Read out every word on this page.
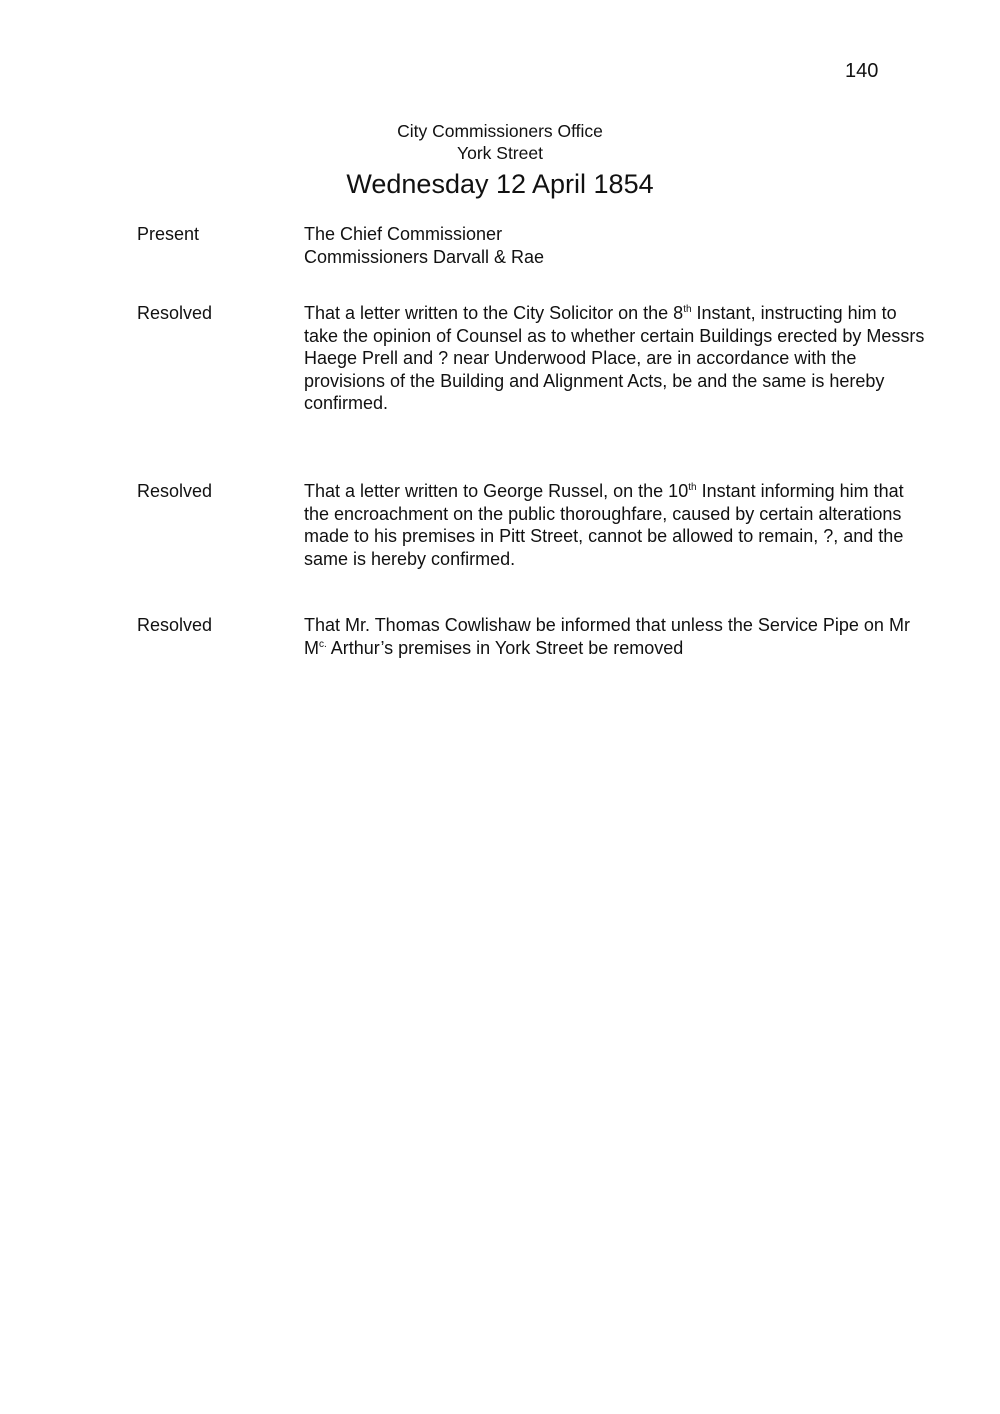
140
City Commissioners Office
York Street
Wednesday 12 April 1854
Present	The Chief Commissioner

Commissioners Darvall & Rae

Resolved	That a letter written to the City Solicitor on the 8th Instant, instructing him to take the opinion of Counsel as to whether certain Buildings erected by Messrs Haege Prell and ? near Underwood Place, are in accordance with the provisions of the Building and Alignment Acts, be and the same is hereby confirmed.
Resolved	That a letter written to George Russel, on the 10th Instant informing him that the encroachment on the public thoroughfare, caused by certain alterations made to his premises in Pitt Street, cannot be allowed to remain, ?, and the same is hereby confirmed.
Resolved	That Mr. Thomas Cowlishaw be informed that unless the Service Pipe on Mr $M^{c.}$ Arthur’s premises in York Street be removed
